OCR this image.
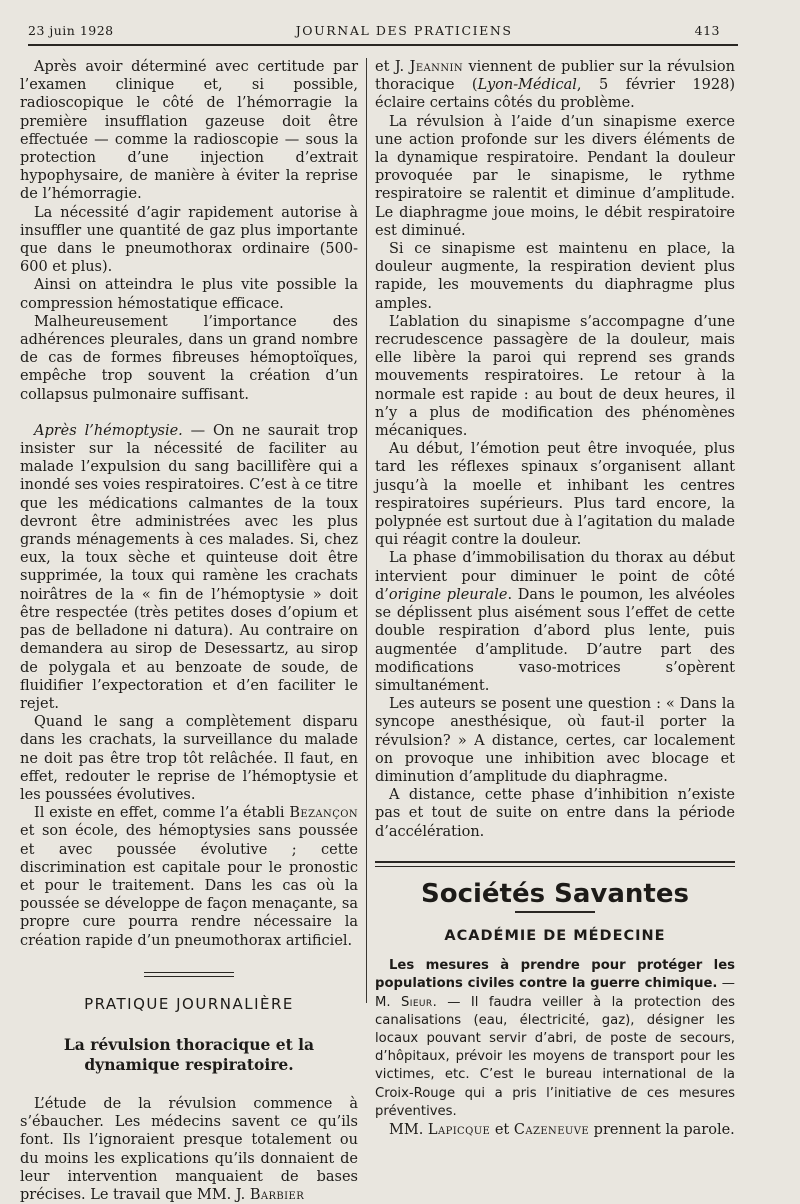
23 juin 1928	JOURNAL DES PRATICIENS	413

Après avoir déterminé avec certitude par l’examen clinique et, si possible, radioscopique le côté de l’hémorragie la première insufflation gazeuse doit être effectuée — comme la radioscopie — sous la protection d’une injection d’extrait hypophysaire, de manière à éviter la reprise de l’hémorragie.

La nécessité d’agir rapidement autorise à insuffler une quantité de gaz plus importante que dans le pneumothorax ordinaire (500-600 et plus).

Ainsi on atteindra le plus vite possible la compression hémostatique efficace.

Malheureusement l’importance des adhérences pleurales, dans un grand nombre de cas de formes fibreuses hémoptoïques, empêche trop souvent la création d’un collapsus pulmonaire suffisant.

Après l’hémoptysie. — On ne saurait trop insister sur la nécessité de faciliter au malade l’expulsion du sang bacillifère qui a inondé ses voies respiratoires. C’est à ce titre que les médications calmantes de la toux devront être administrées avec les plus grands ménagements à ces malades. Si, chez eux, la toux sèche et quinteuse doit être supprimée, la toux qui ramène les crachats noirâtres de la « fin de l’hémoptysie » doit être respectée (très petites doses d’opium et pas de belladone ni datura). Au contraire on demandera au sirop de Desessartz, au sirop de polygala et au benzoate de soude, de fluidifier l’expectoration et d’en faciliter le rejet.

Quand le sang a complètement disparu dans les crachats, la surveillance du malade ne doit pas être trop tôt relâchée. Il faut, en effet, redouter le reprise de l’hémoptysie et les poussées évolutives.

Il existe en effet, comme l’a établi Bezançon et son école, des hémoptysies sans poussée et avec poussée évolutive ; cette discrimination est capitale pour le pronostic et pour le traitement. Dans les cas où la poussée se développe de façon menaçante, sa propre cure pourra rendre nécessaire la création rapide d’un pneumothorax artificiel.

PRATIQUE JOURNALIÈRE
La révulsion thoracique et la dynamique respiratoire.

L’étude de la révulsion commence à s’ébaucher. Les médecins savent ce qu’ils font. Ils l’ignoraient presque totalement ou du moins les explications qu’ils donnaient de leur intervention manquaient de bases précises. Le travail que MM. J. Barbier

et J. Jeannin viennent de publier sur la révulsion thoracique (Lyon-Médical, 5 février 1928) éclaire certains côtés du problème.

La révulsion à l’aide d’un sinapisme exerce une action profonde sur les divers éléments de la dynamique respiratoire. Pendant la douleur provoquée par le sinapisme, le rythme respiratoire se ralentit et diminue d’amplitude. Le diaphragme joue moins, le débit respiratoire est diminué.

Si ce sinapisme est maintenu en place, la douleur augmente, la respiration devient plus rapide, les mouvements du diaphragme plus amples.

L’ablation du sinapisme s’accompagne d’une recrudescence passagère de la douleur, mais elle libère la paroi qui reprend ses grands mouvements respiratoires. Le retour à la normale est rapide : au bout de deux heures, il n’y a plus de modification des phénomènes mécaniques.

Au début, l’émotion peut être invoquée, plus tard les réflexes spinaux s’organisent allant jusqu’à la moelle et inhibant les centres respiratoires supérieurs. Plus tard encore, la polypnée est surtout due à l’agitation du malade qui réagit contre la douleur.

La phase d’immobilisation du thorax au début intervient pour diminuer le point de côté d’origine pleurale. Dans le poumon, les alvéoles se déplissent plus aisément sous l’effet de cette double respiration d’abord plus lente, puis augmentée d’amplitude. D’autre part des modifications vaso-motrices s’opèrent simultanément.

Les auteurs se posent une question : « Dans la syncope anesthésique, où faut-il porter la révulsion? » A distance, certes, car localement on provoque une inhibition avec blocage et diminution d’amplitude du diaphragme.

A distance, cette phase d’inhibition n’existe pas et tout de suite on entre dans la période d’accélération.

Sociétés Savantes
ACADÉMIE DE MÉDECINE

Les mesures à prendre pour protéger les populations civiles contre la guerre chimique. — M. Sieur. — Il faudra veiller à la protection des canalisations (eau, électricité, gaz), désigner les locaux pouvant servir d’abri, de poste de secours, d’hôpitaux, prévoir les moyens de transport pour les victimes, etc. C’est le bureau international de la Croix-Rouge qui a pris l’initiative de ces mesures préventives.

MM. Lapicque et Cazeneuve prennent la parole.
